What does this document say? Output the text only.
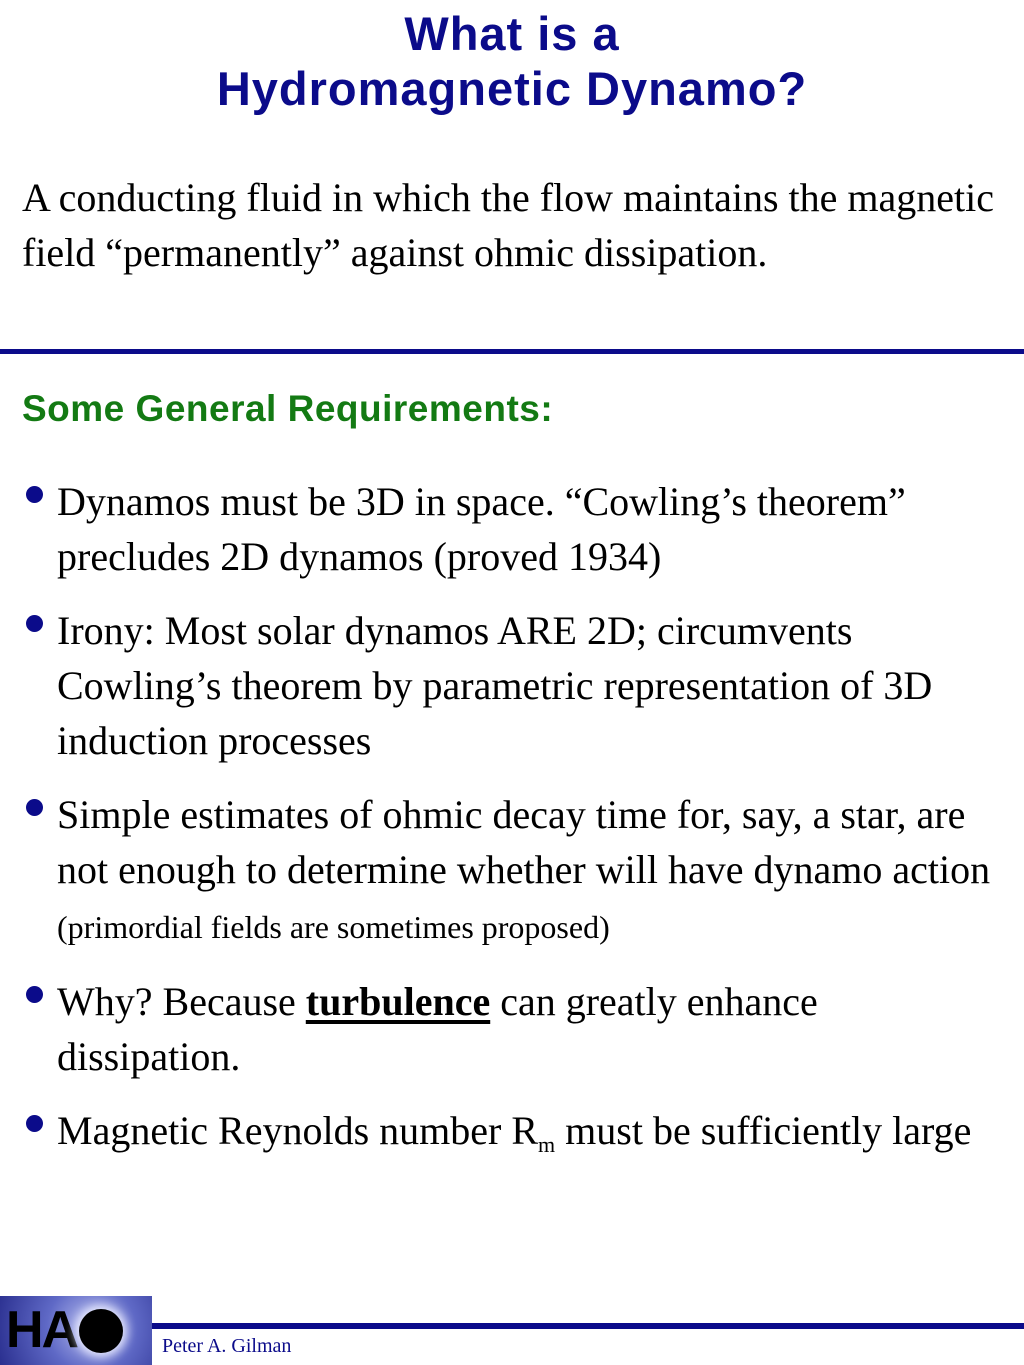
What is a
Hydromagnetic Dynamo?
A conducting fluid in which the flow maintains the magnetic field “permanently” against ohmic dissipation.
Some General Requirements:
Dynamos must be 3D in space. “Cowling’s theorem” precludes 2D dynamos (proved 1934)
Irony: Most solar dynamos ARE 2D; circumvents Cowling’s theorem by parametric representation of 3D induction processes
Simple estimates of ohmic decay time for, say, a star, are not enough to determine whether will have dynamo action (primordial fields are sometimes proposed)
Why? Because turbulence can greatly enhance dissipation.
Magnetic Reynolds number $R_m$ must be sufficiently large
HA	Peter A. Gilman
